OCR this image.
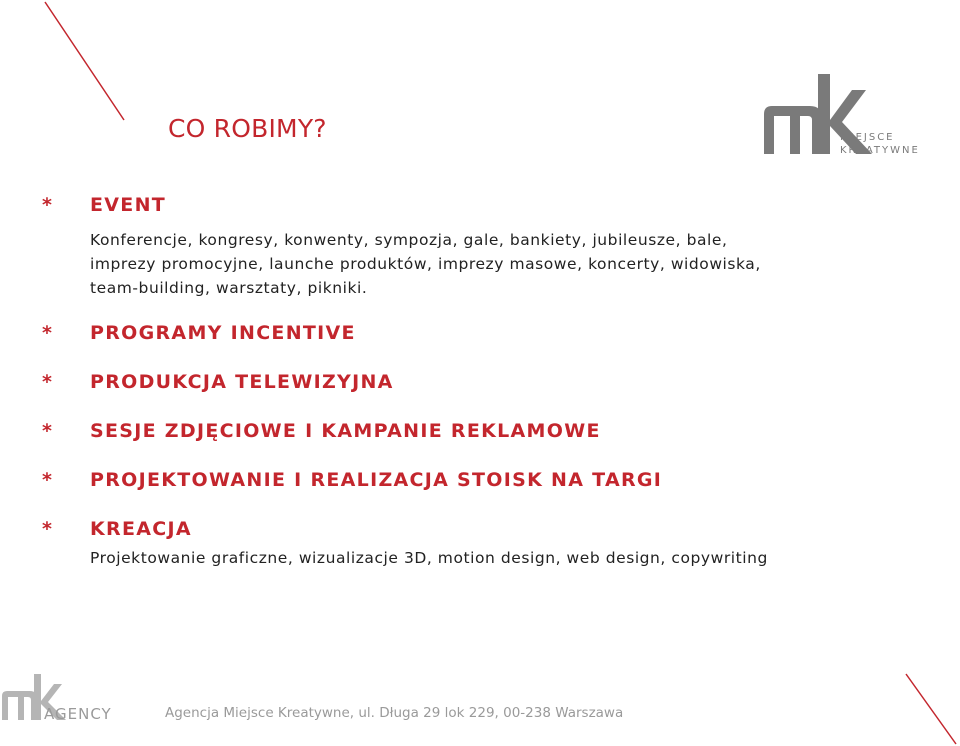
CO ROBIMY?	MIEJSCE
KREATYWNE
*	EVENT
Konferencje, kongresy, konwenty, sympozja, gale, bankiety, jubileusze, bale,
imprezy promocyjne, launche produktów, imprezy masowe, koncerty, widowiska,
team-building, warsztaty, pikniki.
*	PROGRAMY INCENTIVE
*	PRODUKCJA TELEWIZYJNA
*	SESJE ZDJĘCIOWE I KAMPANIE REKLAMOWE
*	PROJEKTOWANIE I REALIZACJA STOISK NA TARGI
*	KREACJA
Projektowanie graficzne, wizualizacje 3D, motion design, web design, copywriting
AGENCY	Agencja Miejsce Kreatywne, ul. Długa 29 lok 229, 00-238 Warszawa
